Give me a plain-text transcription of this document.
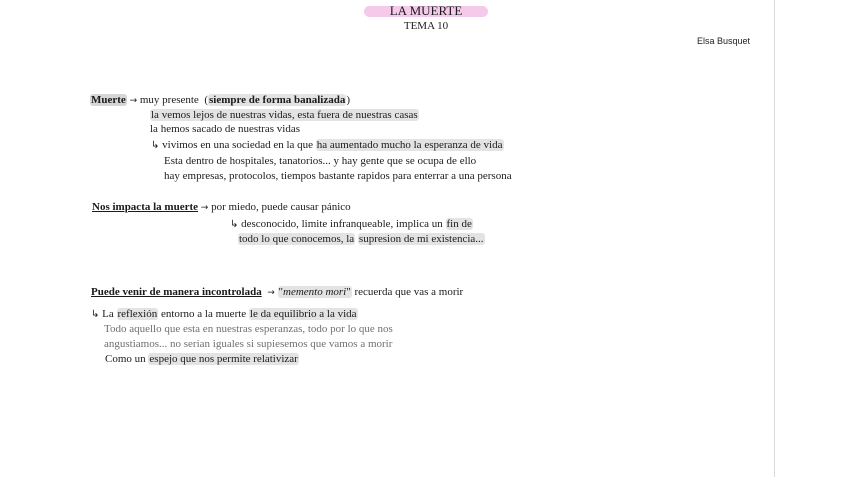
LA MUERTE
TEMA 10
Elsa Busquet
Muerte → muy presente (siempre de forma banalizada)
la vemos lejos de nuestras vidas, esta fuera de nuestras casas
la hemos sacado de nuestras vidas
↳ vivimos en una sociedad en la que ha aumentado mucho la esperanza de vida
Esta dentro de hospitales, tanatorios... y hay gente que se ocupa de ello
hay empresas, protocolos, tiempos bastante rapidos para enterrar a una persona
Nos impacta la muerte → por miedo, puede causar pánico
↳ desconocido, limite infranqueable, implica un fin de
todo lo que conocemos, la supresion de mi existencia...
Puede venir de manera incontrolada → "memento mori" recuerda que vas a morir
↳ La reflexión entorno a la muerte le da equilibrio a la vida
Todo aquello que esta en nuestras esperanzas, todo por lo que nos
angustiamos... no serian iguales si supiesemos que vamos a morir
Como un espejo que nos permite relativizar
